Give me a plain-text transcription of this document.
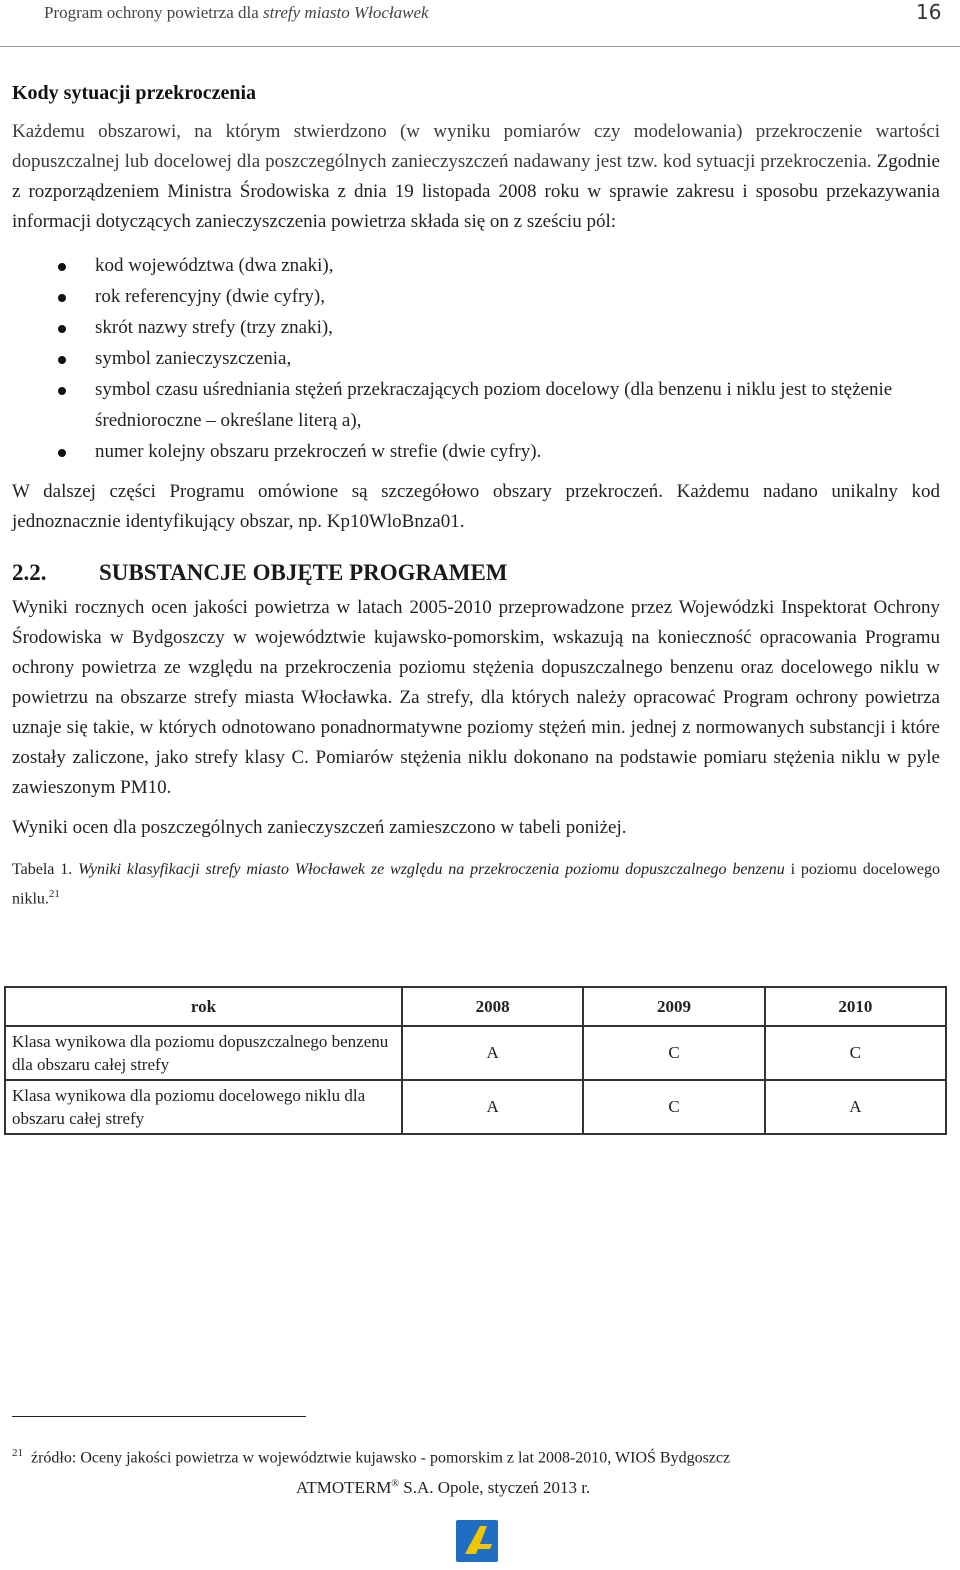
Program ochrony powietrza dla strefy miasto Włocławek	16
Kody sytuacji przekroczenia

Każdemu obszarowi, na którym stwierdzono (w wyniku pomiarów czy modelowania) przekroczenie wartości dopuszczalnej lub docelowej dla poszczególnych zanieczyszczeń nadawany jest tzw. kod sytuacji przekroczenia. Zgodnie z rozporządzeniem Ministra Środowiska z dnia 19 listopada 2008 roku w sprawie zakresu i sposobu przekazywania informacji dotyczących zanieczyszczenia powietrza składa się on z sześciu pól:

kod województwa (dwa znaki),
rok referencyjny (dwie cyfry),
skrót nazwy strefy (trzy znaki),
symbol zanieczyszczenia,
symbol czasu uśredniania stężeń przekraczających poziom docelowy (dla benzenu i niklu jest to stężenie średnioroczne – określane literą a),
numer kolejny obszaru przekroczeń w strefie (dwie cyfry).

W dalszej części Programu omówione są szczegółowo obszary przekroczeń. Każdemu nadano unikalny kod jednoznacznie identyfikujący obszar, np. Kp10WloBnza01.

2.2. SUBSTANCJE OBJĘTE PROGRAMEM

Wyniki rocznych ocen jakości powietrza w latach 2005-2010 przeprowadzone przez Wojewódzki Inspektorat Ochrony Środowiska w Bydgoszczy w województwie kujawsko-pomorskim, wskazują na konieczność opracowania Programu ochrony powietrza ze względu na przekroczenia poziomu stężenia dopuszczalnego benzenu oraz docelowego niklu w powietrzu na obszarze strefy miasta Włocławka. Za strefy, dla których należy opracować Program ochrony powietrza uznaje się takie, w których odnotowano ponadnormatywne poziomy stężeń min. jednej z normowanych substancji i które zostały zaliczone, jako strefy klasy C. Pomiarów stężenia niklu dokonano na podstawie pomiaru stężenia niklu w pyle zawieszonym PM10.

Wyniki ocen dla poszczególnych zanieczyszczeń zamieszczono w tabeli poniżej.

Tabela 1. Wyniki klasyfikacji strefy miasto Włocławek ze względu na przekroczenia poziomu dopuszczalnego benzenu i poziomu docelowego niklu.$^{21}$
rok	2008	2009	2010
Klasa wynikowa dla poziomu dopuszczalnego benzenu dla obszaru całej strefy	A	C	C
Klasa wynikowa dla poziomu docelowego niklu dla obszaru całej strefy	A	C	A
$^{21}$ źródło: Oceny jakości powietrza w województwie kujawsko - pomorskim z lat 2008-2010, WIOŚ Bydgoszcz
ATMOTERM® S.A. Opole, styczeń 2013 r.
